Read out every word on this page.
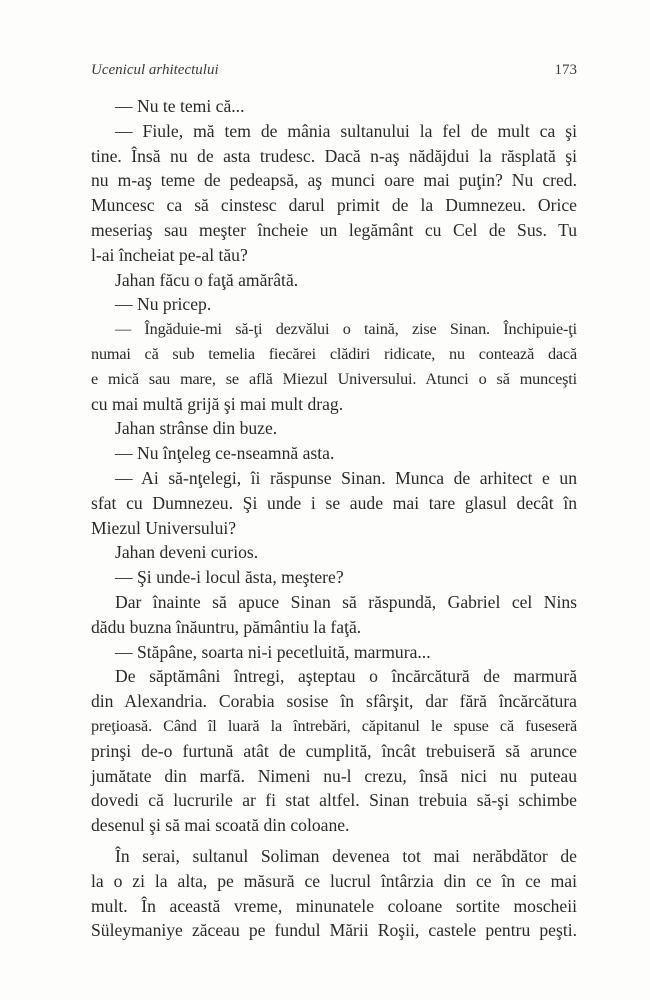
Ucenicul arhitectului	173
— Nu te temi că...
— Fiule, mă tem de mânia sultanului la fel de mult ca şi
tine. Însă nu de asta trudesc. Dacă n-aş nădăjdui la răsplată şi
nu m-aş teme de pedeapsă, aş munci oare mai puţin? Nu cred.
Muncesc ca să cinstesc darul primit de la Dumnezeu. Orice
meseriaş sau meşter încheie un legământ cu Cel de Sus. Tu
l-ai încheiat pe-al tău?
Jahan făcu o faţă amărâtă.
— Nu pricep.
— Îngăduie-mi să-ţi dezvălui o taină, zise Sinan. Închipuie-ţi
numai că sub temelia fiecărei clădiri ridicate, nu contează dacă
e mică sau mare, se află Miezul Universului. Atunci o să munceşti
cu mai multă grijă şi mai mult drag.
Jahan strânse din buze.
— Nu înţeleg ce-nseamnă asta.
— Ai să-nţelegi, îi răspunse Sinan. Munca de arhitect e un
sfat cu Dumnezeu. Şi unde i se aude mai tare glasul decât în
Miezul Universului?
Jahan deveni curios.
— Şi unde-i locul ăsta, meştere?
Dar înainte să apuce Sinan să răspundă, Gabriel cel Nins
dădu buzna înăuntru, pământiu la faţă.
— Stăpâne, soarta ni-i pecetluită, marmura...
De săptămâni întregi, aşteptau o încărcătură de marmură
din Alexandria. Corabia sosise în sfârşit, dar fără încărcătura
preţioasă. Când îl luară la întrebări, căpitanul le spuse că fuseseră
prinşi de-o furtună atât de cumplită, încât trebuiseră să arunce
jumătate din marfă. Nimeni nu-l crezu, însă nici nu puteau
dovedi că lucrurile ar fi stat altfel. Sinan trebuia să-şi schimbe
desenul şi să mai scoată din coloane.
În serai, sultanul Soliman devenea tot mai nerăbdător de
la o zi la alta, pe măsură ce lucrul întârzia din ce în ce mai
mult. În această vreme, minunatele coloane sortite moscheii
Süleymaniye zăceau pe fundul Mării Roşii, castele pentru peşti.
